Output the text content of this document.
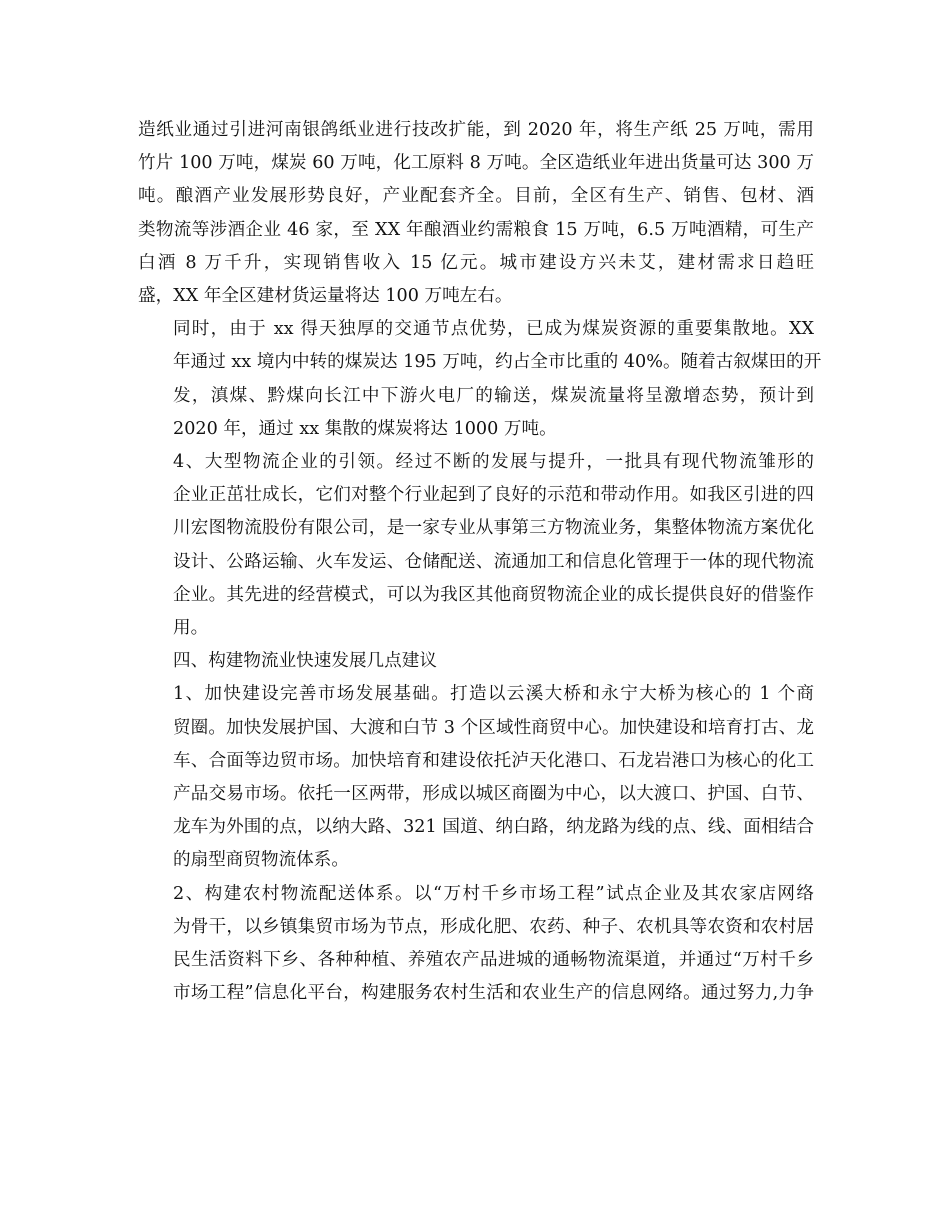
造纸业通过引进河南银鸽纸业进行技改扩能，到 2020 年，将生产纸 25 万吨，需用
竹片 100 万吨，煤炭 60 万吨，化工原料 8 万吨。全区造纸业年进出货量可达 300 万
吨。酿酒产业发展形势良好，产业配套齐全。目前，全区有生产、销售、包材、酒
类物流等涉酒企业 46 家，至 XX 年酿酒业约需粮食 15 万吨，6.5 万吨酒精，可生产
白酒 8 万千升，实现销售收入 15 亿元。城市建设方兴未艾，建材需求日趋旺
盛，XX 年全区建材货运量将达 100 万吨左右。
同时，由于 xx 得天独厚的交通节点优势，已成为煤炭资源的重要集散地。XX
年通过 xx 境内中转的煤炭达 195 万吨，约占全市比重的 40%。随着古叙煤田的开
发，滇煤、黔煤向长江中下游火电厂的输送，煤炭流量将呈激增态势，预计到
2020 年，通过 xx 集散的煤炭将达 1000 万吨。
4、大型物流企业的引领。经过不断的发展与提升，一批具有现代物流雏形的
企业正茁壮成长，它们对整个行业起到了良好的示范和带动作用。如我区引进的四
川宏图物流股份有限公司，是一家专业从事第三方物流业务，集整体物流方案优化
设计、公路运输、火车发运、仓储配送、流通加工和信息化管理于一体的现代物流
企业。其先进的经营模式，可以为我区其他商贸物流企业的成长提供良好的借鉴作
用。
四、构建物流业快速发展几点建议
1、加快建设完善市场发展基础。打造以云溪大桥和永宁大桥为核心的 1 个商
贸圈。加快发展护国、大渡和白节 3 个区域性商贸中心。加快建设和培育打古、龙
车、合面等边贸市场。加快培育和建设依托泸天化港口、石龙岩港口为核心的化工
产品交易市场。依托一区两带，形成以城区商圈为中心，以大渡口、护国、白节、
龙车为外围的点，以纳大路、321 国道、纳白路，纳龙路为线的点、线、面相结合
的扇型商贸物流体系。
2、构建农村物流配送体系。以“万村千乡市场工程”试点企业及其农家店网络
为骨干，以乡镇集贸市场为节点，形成化肥、农药、种子、农机具等农资和农村居
民生活资料下乡、各种种植、养殖农产品进城的通畅物流渠道，并通过“万村千乡
市场工程”信息化平台，构建服务农村生活和农业生产的信息网络。通过努力,力争
